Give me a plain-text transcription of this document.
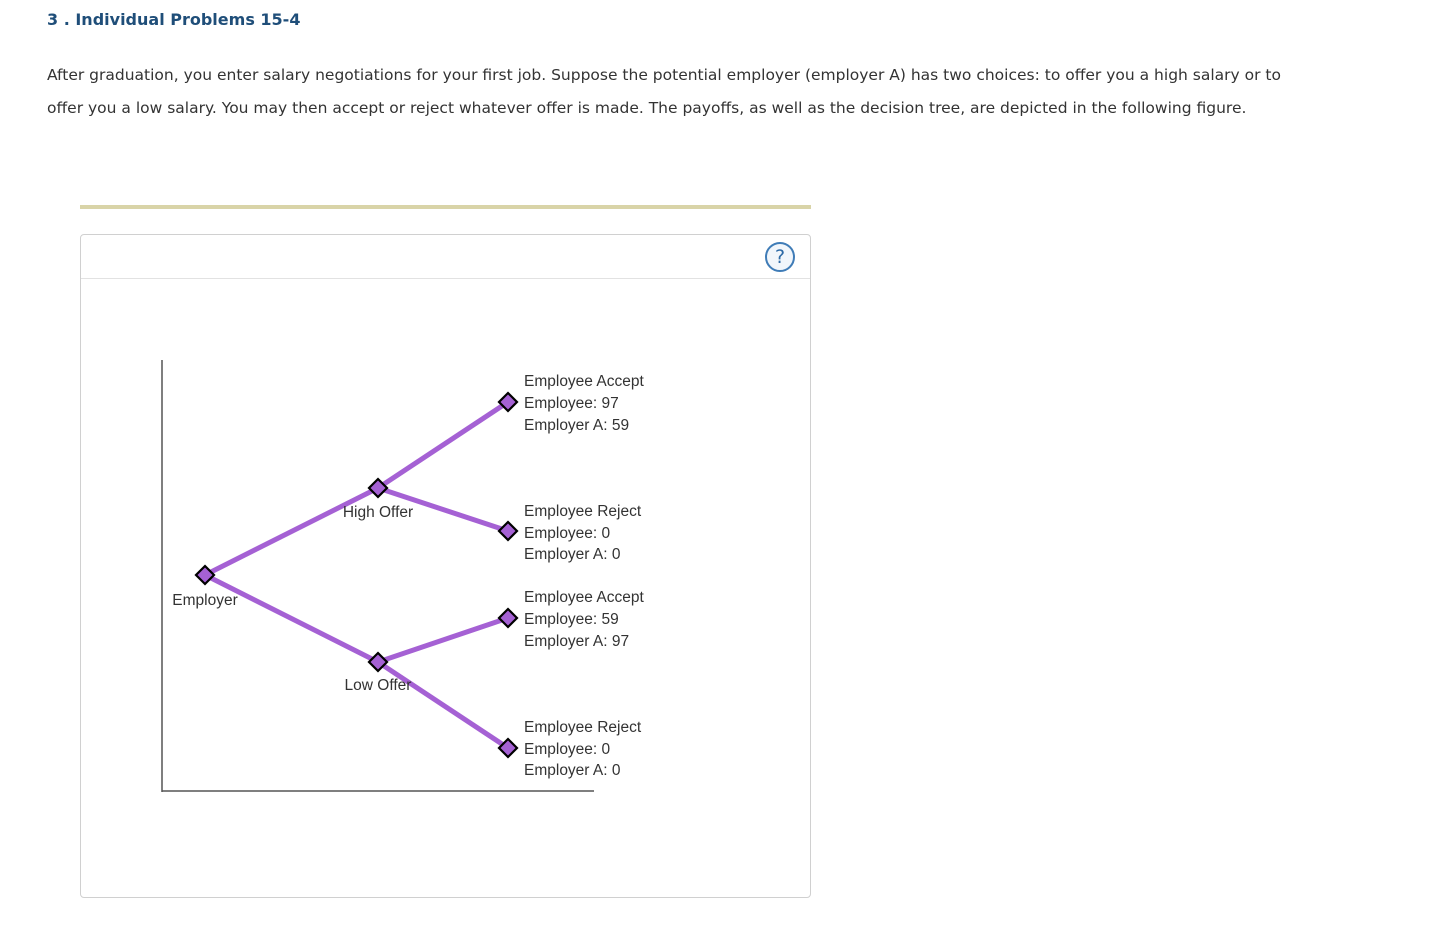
3 . Individual Problems 15-4

After graduation, you enter salary negotiations for your first job. Suppose the potential employer (employer A) has two choices: to offer you a high salary or to offer you a low salary. You may then accept or reject whatever offer is made. The payoffs, as well as the decision tree, are depicted in the following figure.

?
Employer
High Offer
Low Offer
Employee Accept
Employee: 97
Employer A: 59
Employee Reject
Employee: 0
Employer A: 0
Employee Accept
Employee: 59
Employer A: 97
Employee Reject
Employee: 0
Employer A: 0
